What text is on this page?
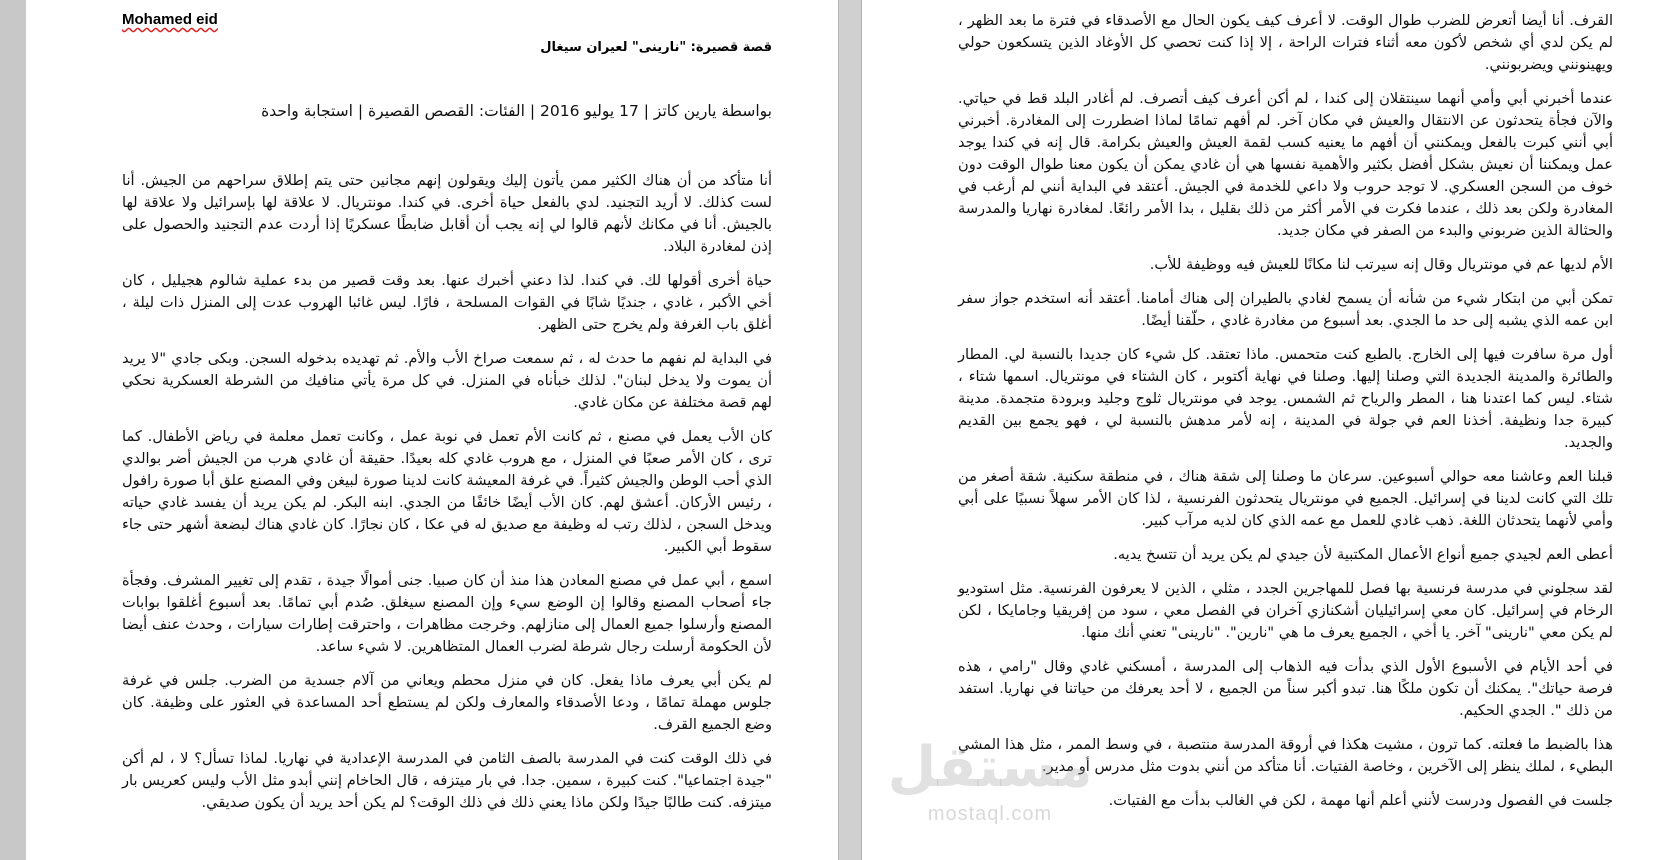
Mohamed eid
قصة قصيرة: "نارينى" لعيران سيغال
بواسطة يارين كاتز | 17 يوليو 2016 | الفئات: القصص القصيرة | استجابة واحدة

أنا متأكد من أن هناك الكثير ممن يأتون إليك ويقولون إنهم مجانين حتى يتم إطلاق سراحهم من الجيش. أنا لست كذلك. لا أريد التجنيد. لدي بالفعل حياة أخرى. في كندا. مونتريال. لا علاقة لها بإسرائيل ولا علاقة لها بالجيش. أنا في مكانك لأنهم قالوا لي إنه يجب أن أقابل ضابطًا عسكريًا إذا أردت عدم التجنيد والحصول على إذن لمغادرة البلاد.

حياة أخرى أقولها لك. في كندا. لذا دعني أخبرك عنها. بعد وقت قصير من بدء عملية شالوم هجيليل ، كان أخي الأكبر ، غادي ، جنديًا شابًا في القوات المسلحة ، فارًا. ليس غائبا الهروب عدت إلى المنزل ذات ليلة ، أغلق باب الغرفة ولم يخرج حتى الظهر.

في البداية لم نفهم ما حدث له ، ثم سمعت صراخ الأب والأم. ثم تهديده بدخوله السجن. وبكى جادي "لا يريد أن يموت ولا يدخل لبنان". لذلك خبأناه في المنزل. في كل مرة يأتي منافيك من الشرطة العسكرية نحكي لهم قصة مختلفة عن مكان غادي.

كان الأب يعمل في مصنع ، ثم كانت الأم تعمل في نوبة عمل ، وكانت تعمل معلمة في رياض الأطفال. كما ترى ، كان الأمر صعبًا في المنزل ، مع هروب غادي كله بعيدًا. حقيقة أن غادي هرب من الجيش أضر بوالدي الذي أحب الوطن والجيش كثيراً. في غرفة المعيشة كانت لدينا صورة لبيغن وفي المصنع علق أبا صورة رافول ، رئيس الأركان. أعشق لهم. كان الأب أيضًا خائفًا من الجدي. ابنه البكر. لم يكن يريد أن يفسد غادي حياته ويدخل السجن ، لذلك رتب له وظيفة مع صديق له في عكا ، كان نجارًا. كان غادي هناك لبضعة أشهر حتى جاء سقوط أبي الكبير.

اسمع ، أبي عمل في مصنع المعادن هذا منذ أن كان صبيا. جنى أموالًا جيدة ، تقدم إلى تغيير المشرف. وفجأة جاء أصحاب المصنع وقالوا إن الوضع سيء وإن المصنع سيغلق. صُدم أبي تمامًا. بعد أسبوع أغلقوا بوابات المصنع وأرسلوا جميع العمال إلى منازلهم. وخرجت مظاهرات ، واحترقت إطارات سيارات ، وحدث عنف أيضا لأن الحكومة أرسلت رجال شرطة لضرب العمال المتظاهرين. لا شيء ساعد.

لم يكن أبي يعرف ماذا يفعل. كان في منزل محطم ويعاني من آلام جسدية من الضرب. جلس في غرفة جلوس مهملة تمامًا ، ودعا الأصدقاء والمعارف ولكن لم يستطع أحد المساعدة في العثور على وظيفة. كان وضع الجميع القرف.

في ذلك الوقت كنت في المدرسة بالصف الثامن في المدرسة الإعدادية في نهاريا. لماذا تسأل؟ لا ، لم أكن "جيدة اجتماعيا". كنت كبيرة ، سمين. جدا. في بار ميتزفه ، قال الحاخام إنني أبدو مثل الأب وليس كعريس بار ميتزفه. كنت طالبًا جيدًا ولكن ماذا يعني ذلك في ذلك الوقت؟ لم يكن أحد يريد أن يكون صديقي.

القرف. أنا أيضا أتعرض للضرب طوال الوقت. لا أعرف كيف يكون الحال مع الأصدقاء في فترة ما بعد الظهر ، لم يكن لدي أي شخص لأكون معه أثناء فترات الراحة ، إلا إذا كنت تحصي كل الأوغاد الذين يتسكعون حولي ويهينونني ويضربونني.

عندما أخبرني أبي وأمي أنهما سينتقلان إلى كندا ، لم أكن أعرف كيف أتصرف. لم أغادر البلد قط في حياتي. والآن فجأة يتحدثون عن الانتقال والعيش في مكان آخر. لم أفهم تمامًا لماذا اضطررت إلى المغادرة. أخبرني أبي أنني كبرت بالفعل ويمكنني أن أفهم ما يعنيه كسب لقمة العيش والعيش بكرامة. قال إنه في كندا يوجد عمل ويمكننا أن نعيش بشكل أفضل بكثير والأهمية نفسها هي أن غادي يمكن أن يكون معنا طوال الوقت دون خوف من السجن العسكري. لا توجد حروب ولا داعي للخدمة في الجيش. أعتقد في البداية أنني لم أرغب في المغادرة ولكن بعد ذلك ، عندما فكرت في الأمر أكثر من ذلك بقليل ، بدا الأمر رائعًا. لمغادرة نهاريا والمدرسة والحثالة الذين ضربوني والبدء من الصفر في مكان جديد.

الأم لديها عم في مونتريال وقال إنه سيرتب لنا مكانًا للعيش فيه ووظيفة للأب.

تمكن أبي من ابتكار شيء من شأنه أن يسمح لغادي بالطيران إلى هناك أمامنا. أعتقد أنه استخدم جواز سفر ابن عمه الذي يشبه إلى حد ما الجدي. بعد أسبوع من مغادرة غادي ، حلّقنا أيضًا.

أول مرة سافرت فيها إلى الخارج. بالطبع كنت متحمس. ماذا تعتقد. كل شيء كان جديدا بالنسبة لي. المطار والطائرة والمدينة الجديدة التي وصلنا إليها. وصلنا في نهاية أكتوبر ، كان الشتاء في مونتريال. اسمها شتاء ، شتاء. ليس كما اعتدنا هنا ، المطر والرياح ثم الشمس. يوجد في مونتريال ثلوج وجليد وبرودة متجمدة. مدينة كبيرة جدا ونظيفة. أخذنا العم في جولة في المدينة ، إنه لأمر مدهش بالنسبة لي ، فهو يجمع بين القديم والجديد.

قبلنا العم وعاشنا معه حوالي أسبوعين. سرعان ما وصلنا إلى شقة هناك ، في منطقة سكنية. شقة أصغر من تلك التي كانت لدينا في إسرائيل. الجميع في مونتريال يتحدثون الفرنسية ، لذا كان الأمر سهلاً نسبيًا على أبي وأمي لأنهما يتحدثان اللغة. ذهب غادي للعمل مع عمه الذي كان لديه مرآب كبير.

أعطى العم لجيدي جميع أنواع الأعمال المكتبية لأن جيدي لم يكن يريد أن تتسخ يديه.

لقد سجلوني في مدرسة فرنسية بها فصل للمهاجرين الجدد ، مثلي ، الذين لا يعرفون الفرنسية. مثل استوديو الرخام في إسرائيل. كان معي إسرائيليان أشكنازي آخران في الفصل معي ، سود من إفريقيا وجامايكا ، لكن لم يكن معي "نارينى" آخر. يا أخي ، الجميع يعرف ما هي "نارين". "نارينى" تعني أنك منها.

في أحد الأيام في الأسبوع الأول الذي بدأت فيه الذهاب إلى المدرسة ، أمسكني غادي وقال "رامي ، هذه فرصة حياتك". يمكنك أن تكون ملكًا هنا. تبدو أكبر سناً من الجميع ، لا أحد يعرفك من حياتنا في نهاريا. استفد من ذلك ". الجدي الحكيم.

هذا بالضبط ما فعلته. كما ترون ، مشيت هكذا في أروقة المدرسة منتصبة ، في وسط الممر ، مثل هذا المشي البطيء ، لملك ينظر إلى الآخرين ، وخاصة الفتيات. أنا متأكد من أنني بدوت مثل مدرس أو مدير.

جلست في الفصول ودرست لأنني أعلم أنها مهمة ، لكن في الغالب بدأت مع الفتيات.

مستقل
mostaql.com
